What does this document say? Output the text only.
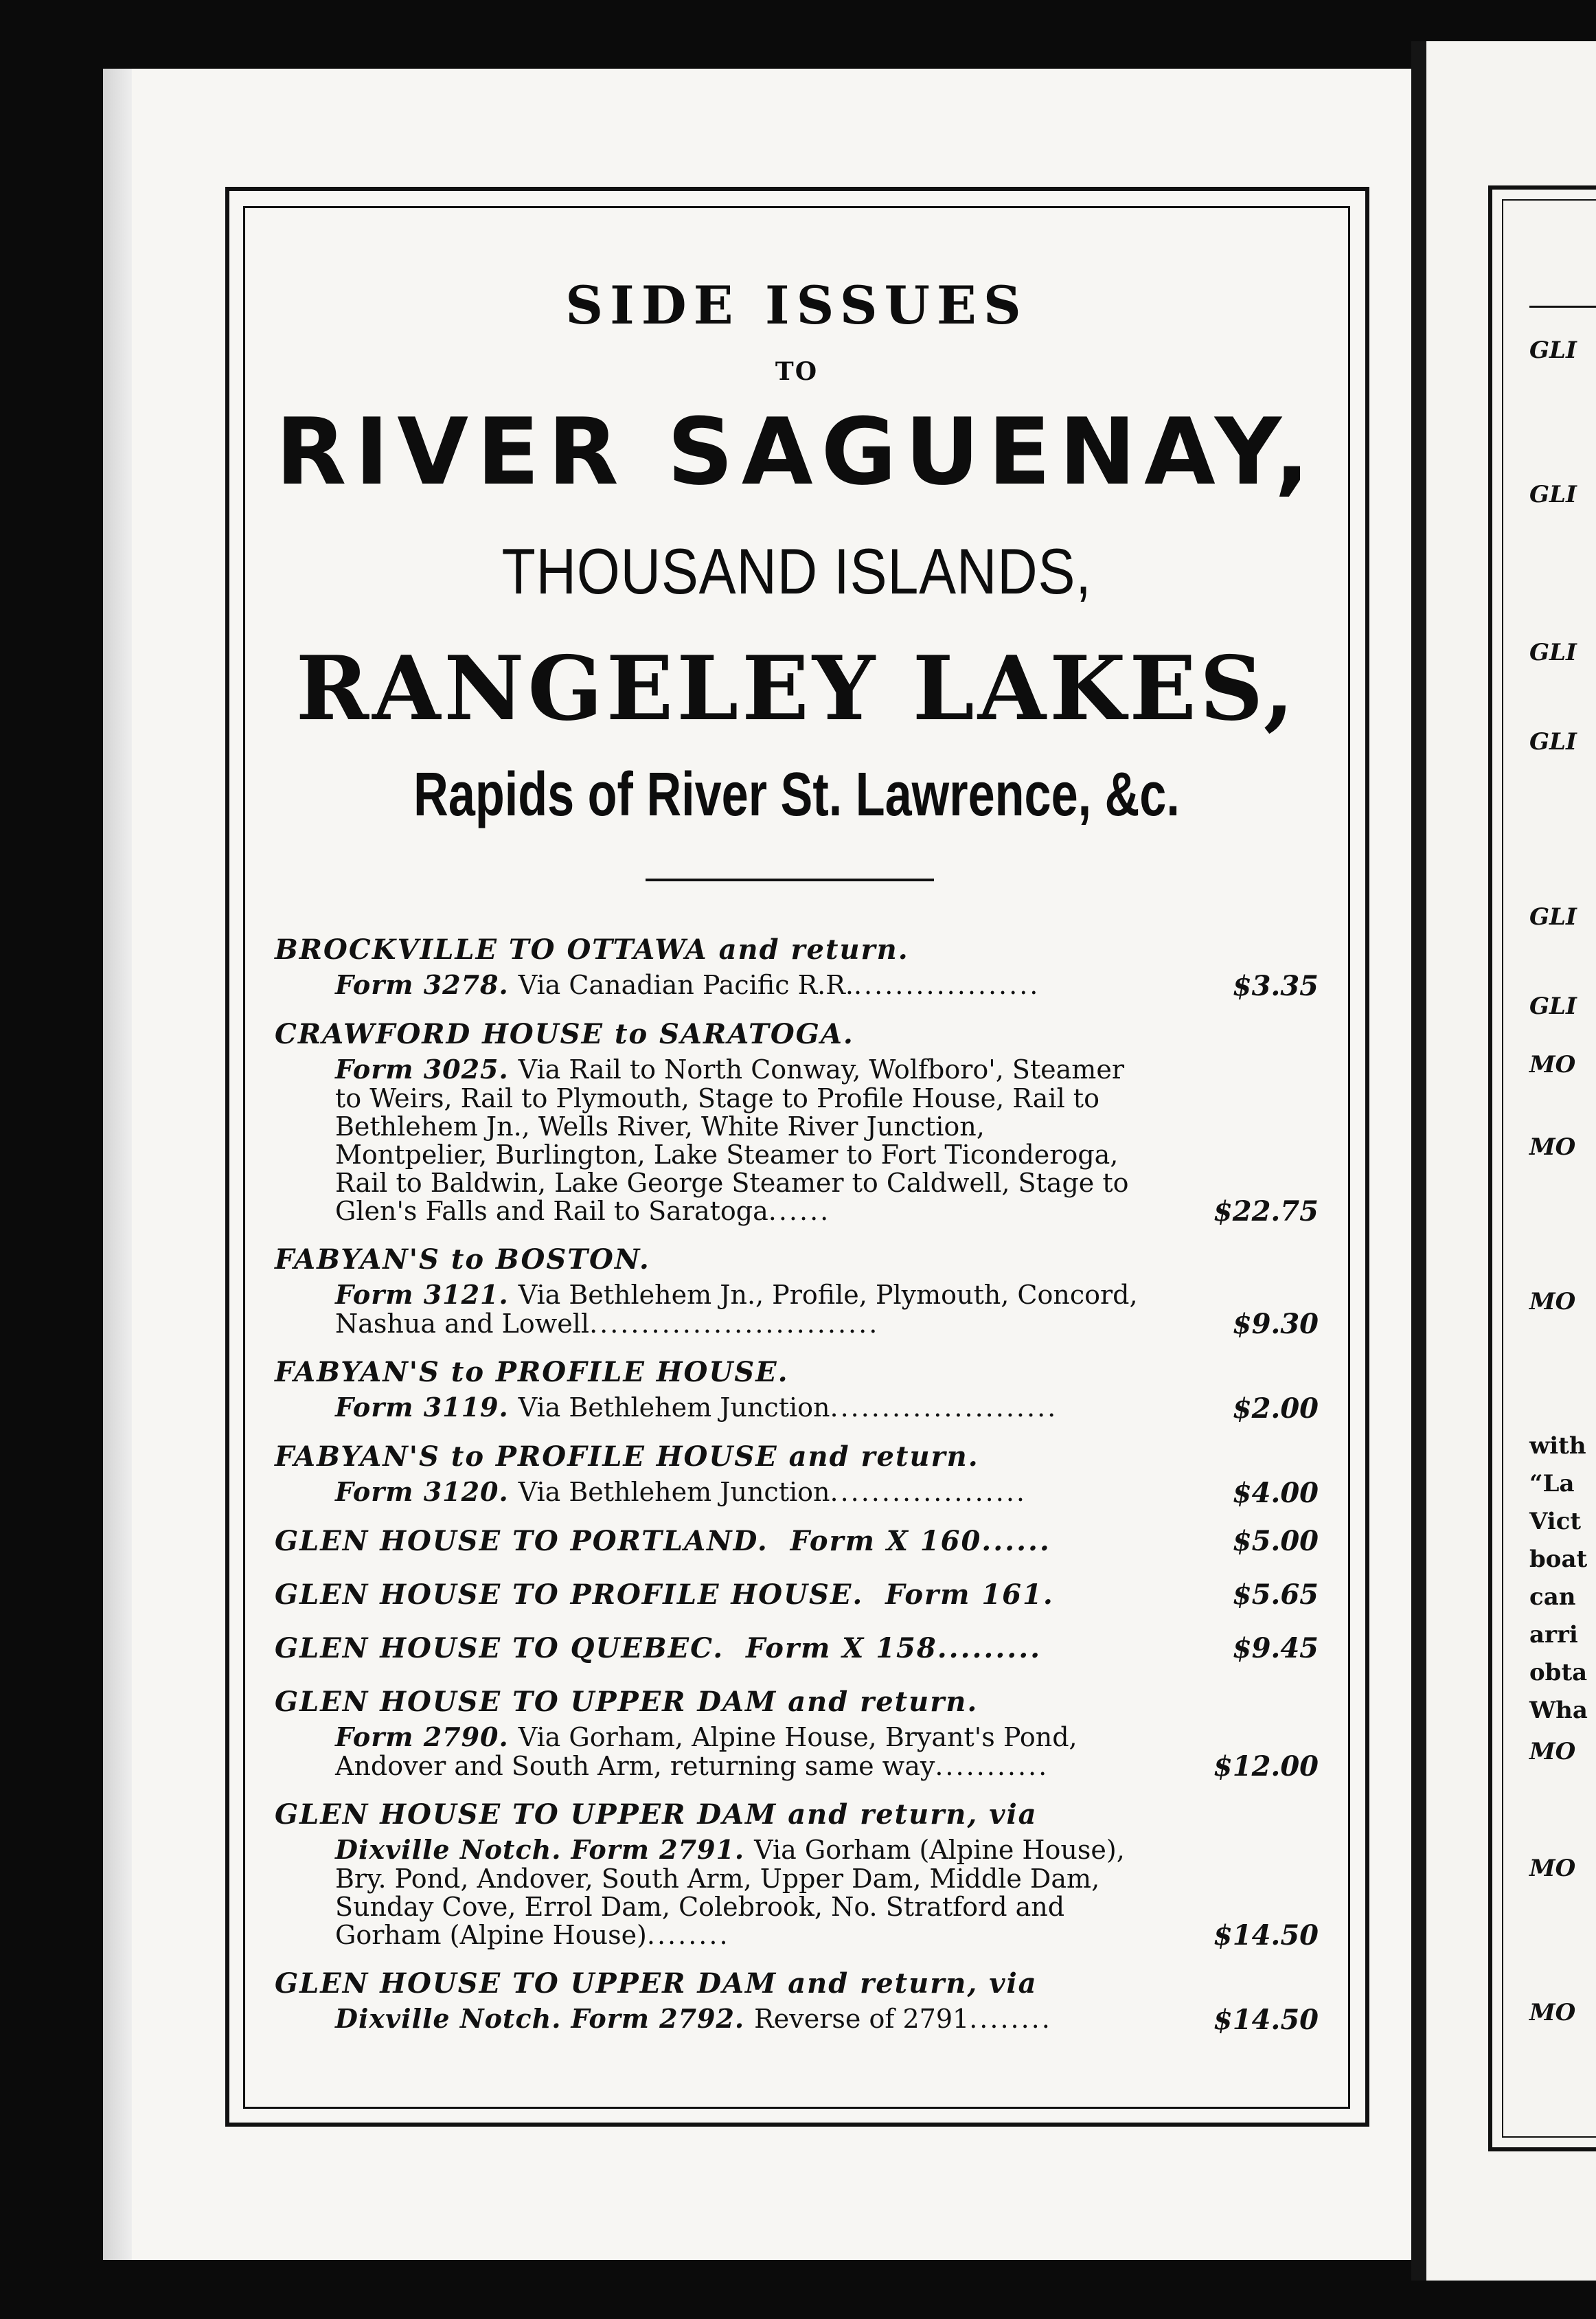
GLI
GLI
GLI
GLI
GLI
GLI
MO
MO
MO
with
“La
Vict
boat
can
arri
obta
Wha
MO
MO
MO
SIDE ISSUES
TO
RIVER SAGUENAY,
THOUSAND ISLANDS,
RANGELEY LAKES,
Rapids of River St. Lawrence, &c.
BROCKVILLE TO OTTAWA and return.
Form 3278. Via Canadian Pacific R.R...................	$3.35
CRAWFORD HOUSE to SARATOGA.
Form 3025. Via Rail to North Conway, Wolfboro', Steamer to Weirs, Rail to Plymouth, Stage to Profile House, Rail to Bethlehem Jn., Wells River, White River Junction, Montpelier, Burlington, Lake Steamer to Fort Ticonderoga, Rail to Baldwin, Lake George Steamer to Caldwell, Stage to Glen's Falls and Rail to Saratoga......	$22.75
FABYAN'S to BOSTON.
Form 3121. Via Bethlehem Jn., Profile, Plymouth, Concord, Nashua and Lowell............................	$9.30
FABYAN'S to PROFILE HOUSE.
Form 3119. Via Bethlehem Junction......................	$2.00
FABYAN'S to PROFILE HOUSE and return.
Form 3120. Via Bethlehem Junction...................	$4.00
GLEN HOUSE TO PORTLAND. Form X 160......	$5.00
GLEN HOUSE TO PROFILE HOUSE. Form 161.	$5.65
GLEN HOUSE TO QUEBEC. Form X 158.........	$9.45
GLEN HOUSE TO UPPER DAM and return.
Form 2790. Via Gorham, Alpine House, Bryant's Pond, Andover and South Arm, returning same way...........	$12.00
GLEN HOUSE TO UPPER DAM and return, via
Dixville Notch. Form 2791. Via Gorham (Alpine House), Bry. Pond, Andover, South Arm, Upper Dam, Middle Dam, Sunday Cove, Errol Dam, Colebrook, No. Stratford and Gorham (Alpine House)........	$14.50
GLEN HOUSE TO UPPER DAM and return, via
Dixville Notch. Form 2792. Reverse of 2791........	$14.50
